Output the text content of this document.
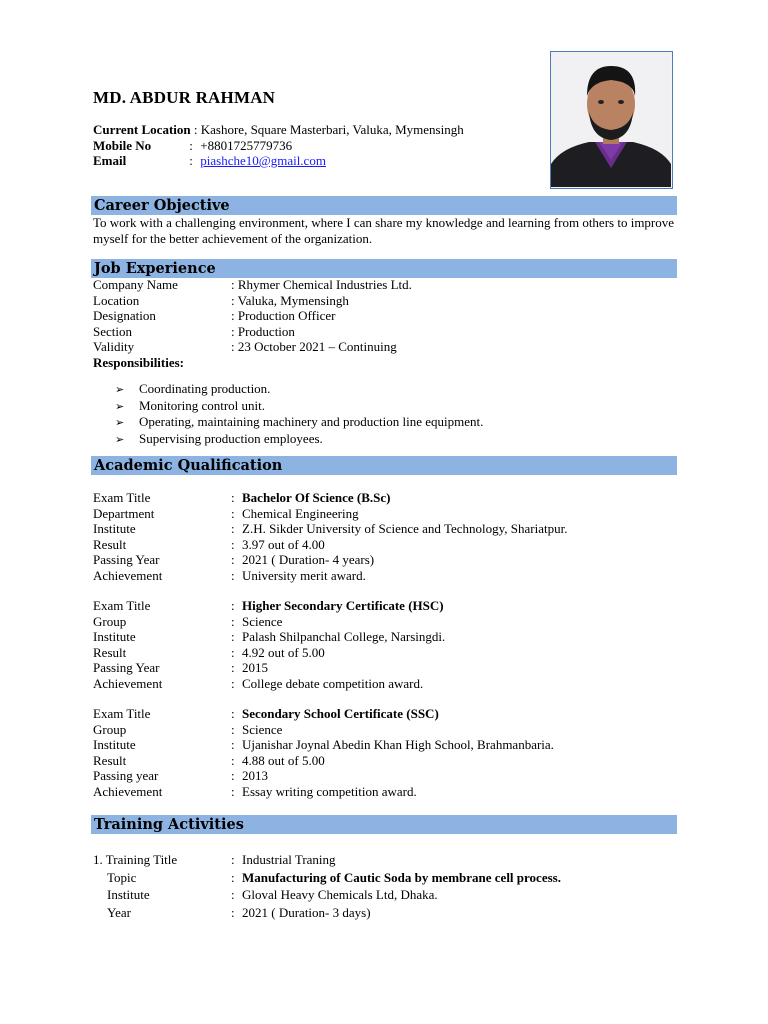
MD. ABDUR RAHMAN
Current Location : Kashore, Square Masterbari, Valuka, Mymensingh
Mobile No	: +8801725779736
Email	: piashche10@gmail.com
Career Objective
To work with a challenging environment, where I can share my knowledge and learning from others to improve myself for the better achievement of the organization.
Job Experience
Company Name	: Rhymer Chemical Industries Ltd.
Location	: Valuka, Mymensingh
Designation	: Production Officer
Section	: Production
Validity	: 23 October 2021 – Continuing
Responsibilities:
➢ Coordinating production.
➢ Monitoring control unit.
➢ Operating, maintaining machinery and production line equipment.
➢ Supervising production employees.
Academic Qualification
Exam Title	: Bachelor Of Science (B.Sc)
Department	: Chemical Engineering
Institute	: Z.H. Sikder University of Science and Technology, Shariatpur.
Result	: 3.97 out of 4.00
Passing Year	: 2021 ( Duration- 4 years)
Achievement	: University merit award.
Exam Title	: Higher Secondary Certificate (HSC)
Group	: Science
Institute	: Palash Shilpanchal College, Narsingdi.
Result	: 4.92 out of 5.00
Passing Year	: 2015
Achievement	: College debate competition award.
Exam Title	: Secondary School Certificate (SSC)
Group	: Science
Institute	: Ujanishar Joynal Abedin Khan High School, Brahmanbaria.
Result	: 4.88 out of 5.00
Passing year	: 2013
Achievement	: Essay writing competition award.
Training Activities
1. Training Title	: Industrial Traning
Topic	: Manufacturing of Cautic Soda by membrane cell process.
Institute	: Gloval Heavy Chemicals Ltd, Dhaka.
Year	: 2021 ( Duration- 3 days)
